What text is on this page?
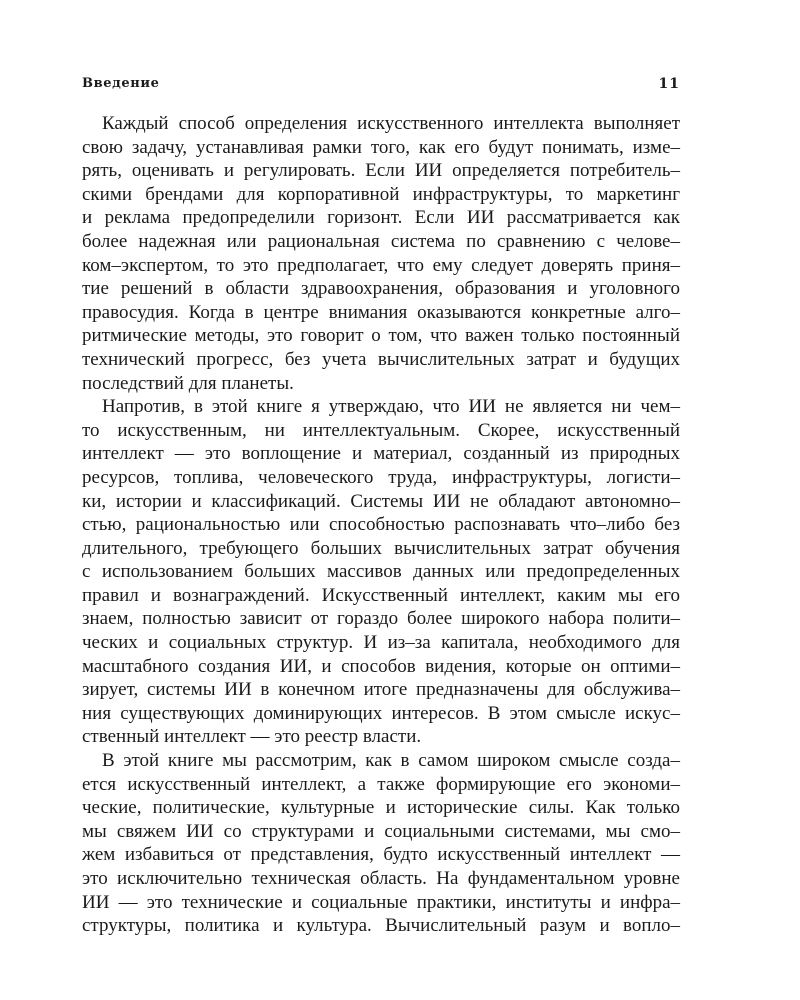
Введение	11
Каждый способ определения искусственного интеллекта выполняет
свою задачу, устанавливая рамки того, как его будут понимать, изме–
рять, оценивать и регулировать. Если ИИ определяется потребитель–
скими брендами для корпоративной инфраструктуры, то маркетинг
и реклама предопределили горизонт. Если ИИ рассматривается как
более надежная или рациональная система по сравнению с челове–
ком–экспертом, то это предполагает, что ему следует доверять приня–
тие решений в области здравоохранения, образования и уголовного
правосудия. Когда в центре внимания оказываются конкретные алго–
ритмические методы, это говорит о том, что важен только постоянный
технический прогресс, без учета вычислительных затрат и будущих
последствий для планеты.
Напротив, в этой книге я утверждаю, что ИИ не является ни чем–
то искусственным, ни интеллектуальным. Скорее, искусственный
интеллект — это воплощение и материал, созданный из природных
ресурсов, топлива, человеческого труда, инфраструктуры, логисти–
ки, истории и классификаций. Системы ИИ не обладают автономно–
стью, рациональностью или способностью распознавать что–либо без
длительного, требующего больших вычислительных затрат обучения
с использованием больших массивов данных или предопределенных
правил и вознаграждений. Искусственный интеллект, каким мы его
знаем, полностью зависит от гораздо более широкого набора полити–
ческих и социальных структур. И из–за капитала, необходимого для
масштабного создания ИИ, и способов видения, которые он оптими–
зирует, системы ИИ в конечном итоге предназначены для обслужива–
ния существующих доминирующих интересов. В этом смысле искус–
ственный интеллект — это реестр власти.
В этой книге мы рассмотрим, как в самом широком смысле созда–
ется искусственный интеллект, а также формирующие его экономи–
ческие, политические, культурные и исторические силы. Как только
мы свяжем ИИ со структурами и социальными системами, мы смо–
жем избавиться от представления, будто искусственный интеллект —
это исключительно техническая область. На фундаментальном уровне
ИИ — это технические и социальные практики, институты и инфра–
структуры, политика и культура. Вычислительный разум и вопло–
